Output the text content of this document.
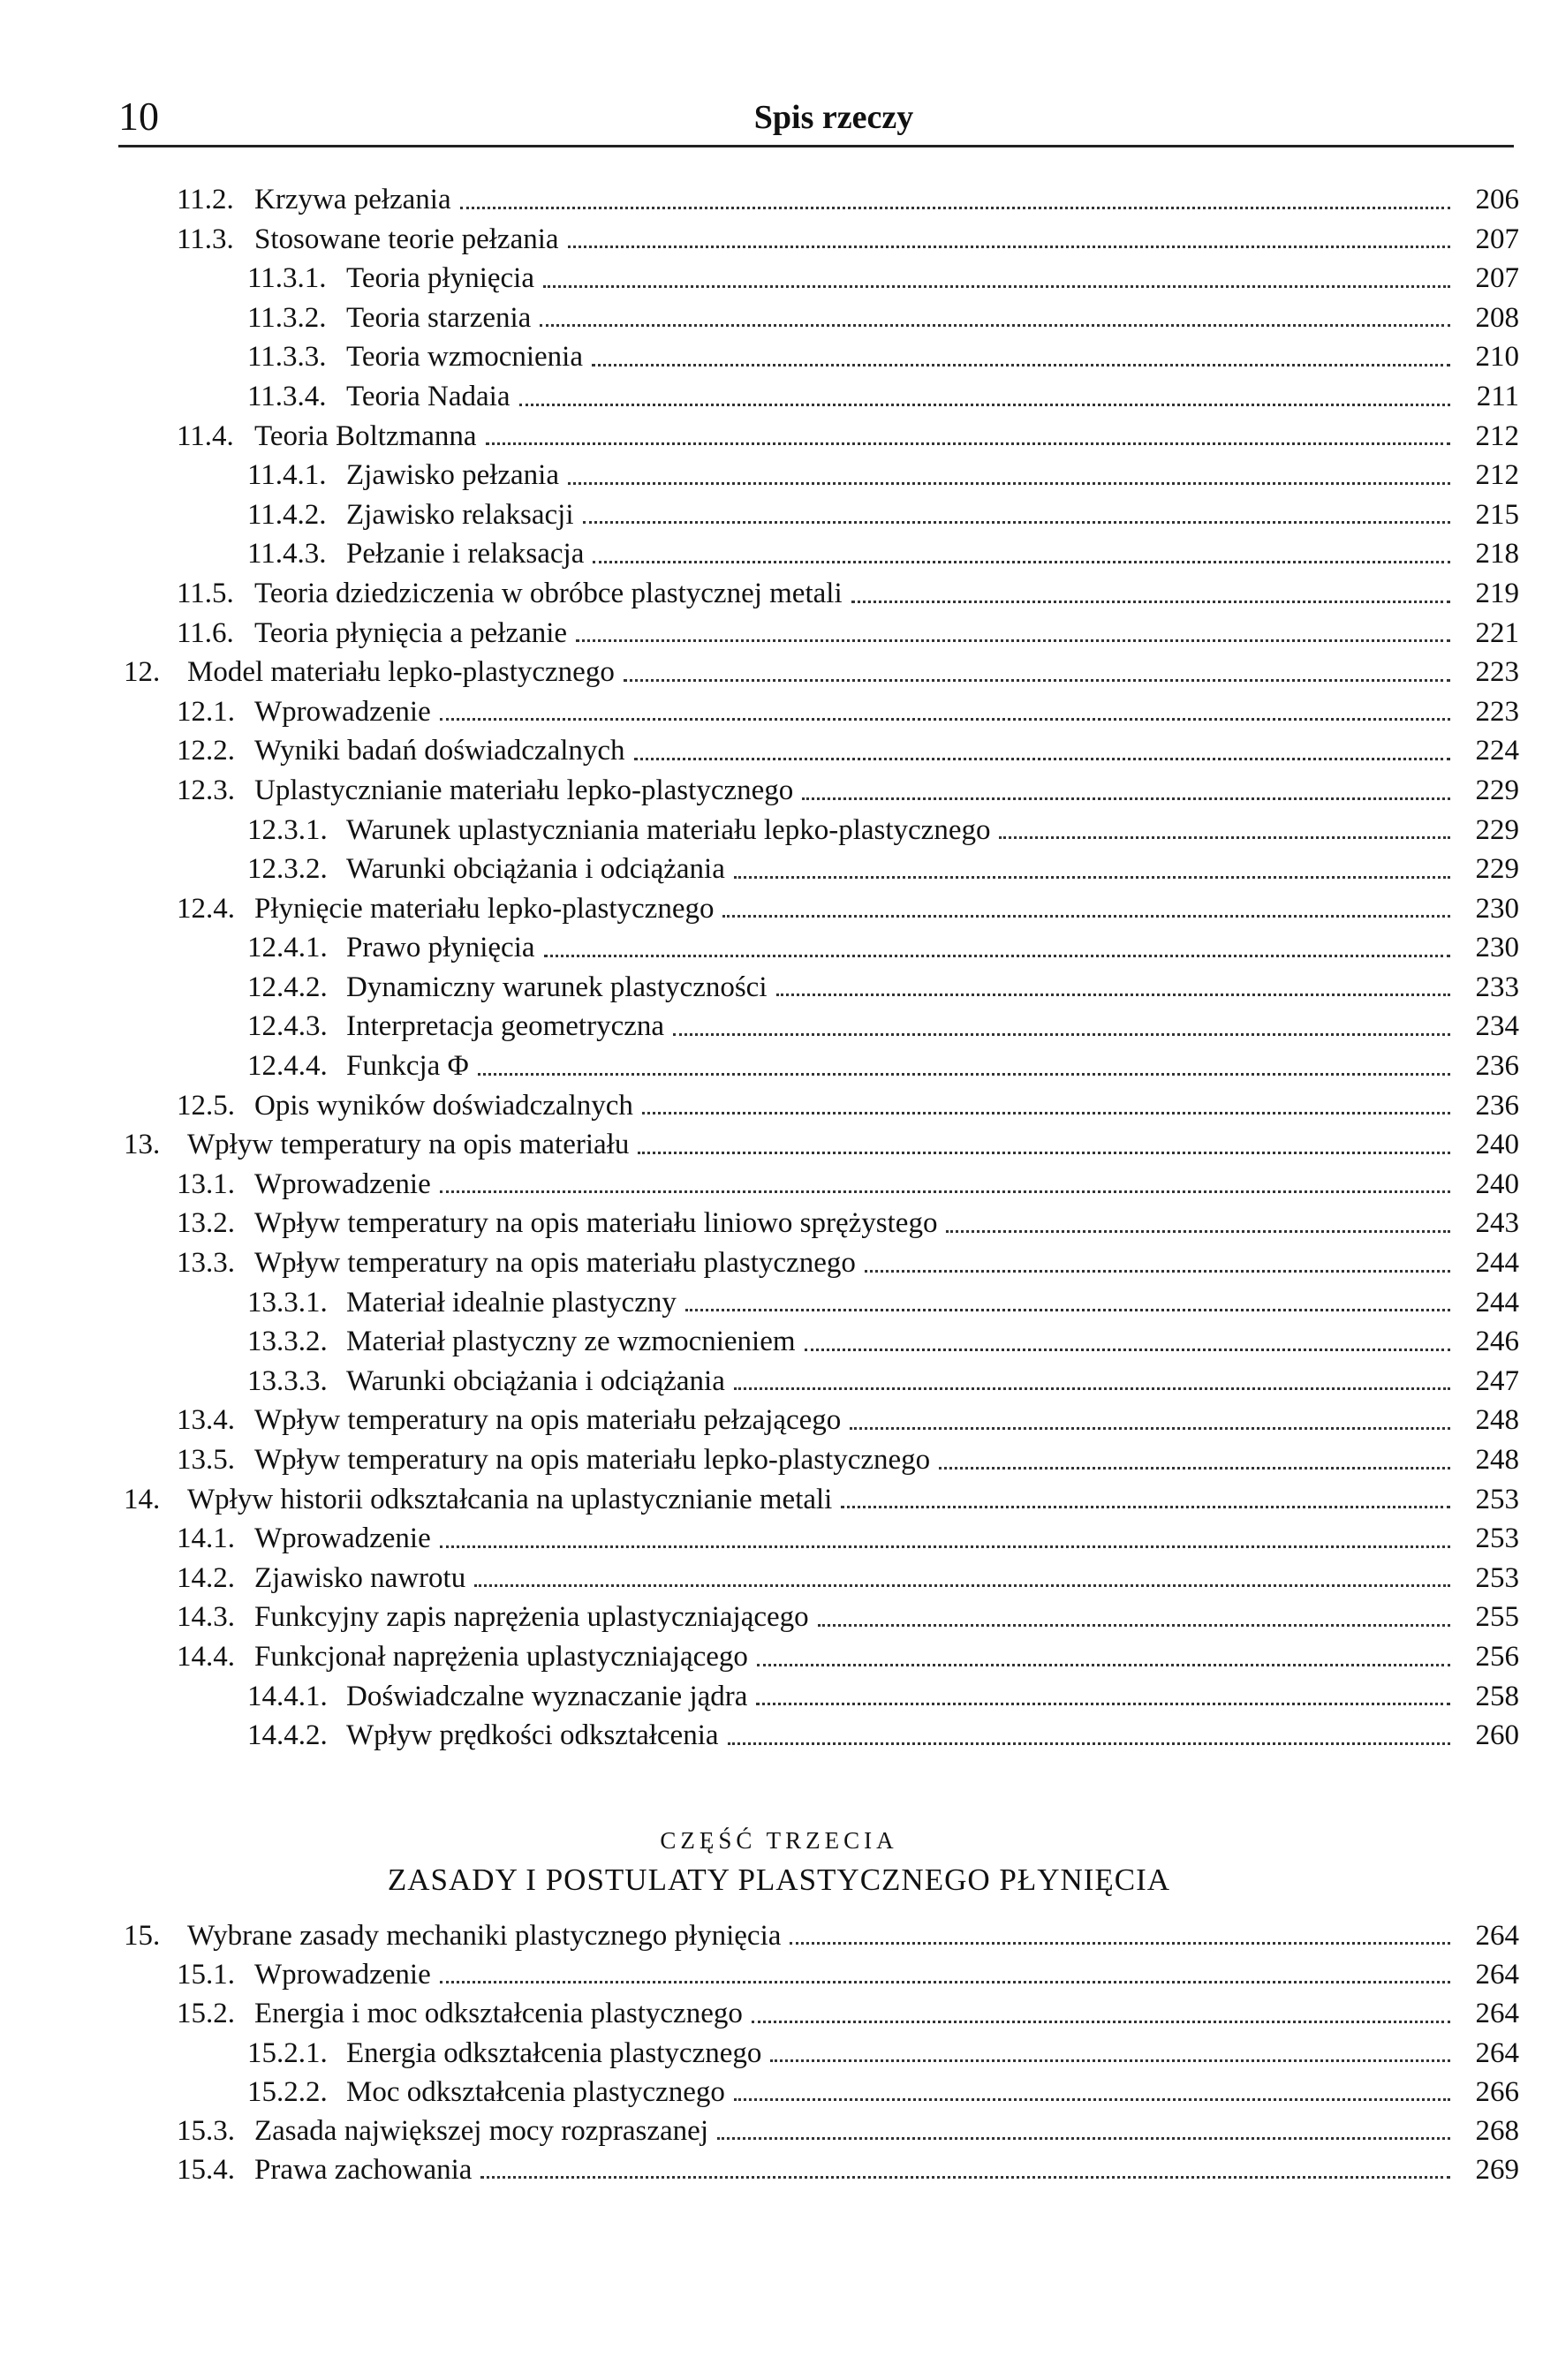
10	Spis rzeczy
11.2. Krzywa pełzania	206
11.3. Stosowane teorie pełzania	207
11.3.1. Teoria płynięcia	207
11.3.2. Teoria starzenia	208
11.3.3. Teoria wzmocnienia	210
11.3.4. Teoria Nadaia	211
11.4. Teoria Boltzmanna	212
11.4.1. Zjawisko pełzania	212
11.4.2. Zjawisko relaksacji	215
11.4.3. Pełzanie i relaksacja	218
11.5. Teoria dziedziczenia w obróbce plastycznej metali	219
11.6. Teoria płynięcia a pełzanie	221
12. Model materiału lepko-plastycznego	223
12.1. Wprowadzenie	223
12.2. Wyniki badań doświadczalnych	224
12.3. Uplastycznianie materiału lepko-plastycznego	229
12.3.1. Warunek uplastyczniania materiału lepko-plastycznego	229
12.3.2. Warunki obciążania i odciążania	229
12.4. Płynięcie materiału lepko-plastycznego	230
12.4.1. Prawo płynięcia	230
12.4.2. Dynamiczny warunek plastyczności	233
12.4.3. Interpretacja geometryczna	234
12.4.4. Funkcja Φ	236
12.5. Opis wyników doświadczalnych	236
13. Wpływ temperatury na opis materiału	240
13.1. Wprowadzenie	240
13.2. Wpływ temperatury na opis materiału liniowo sprężystego	243
13.3. Wpływ temperatury na opis materiału plastycznego	244
13.3.1. Materiał idealnie plastyczny	244
13.3.2. Materiał plastyczny ze wzmocnieniem	246
13.3.3. Warunki obciążania i odciążania	247
13.4. Wpływ temperatury na opis materiału pełzającego	248
13.5. Wpływ temperatury na opis materiału lepko-plastycznego	248
14. Wpływ historii odkształcania na uplastycznianie metali	253
14.1. Wprowadzenie	253
14.2. Zjawisko nawrotu	253
14.3. Funkcyjny zapis naprężenia uplastyczniającego	255
14.4. Funkcjonał naprężenia uplastyczniającego	256
14.4.1. Doświadczalne wyznaczanie jądra	258
14.4.2. Wpływ prędkości odkształcenia	260
CZĘŚĆ TRZECIA
ZASADY I POSTULATY PLASTYCZNEGO PŁYNIĘCIA
15. Wybrane zasady mechaniki plastycznego płynięcia	264
15.1. Wprowadzenie	264
15.2. Energia i moc odkształcenia plastycznego	264
15.2.1. Energia odkształcenia plastycznego	264
15.2.2. Moc odkształcenia plastycznego	266
15.3. Zasada największej mocy rozpraszanej	268
15.4. Prawa zachowania	269
